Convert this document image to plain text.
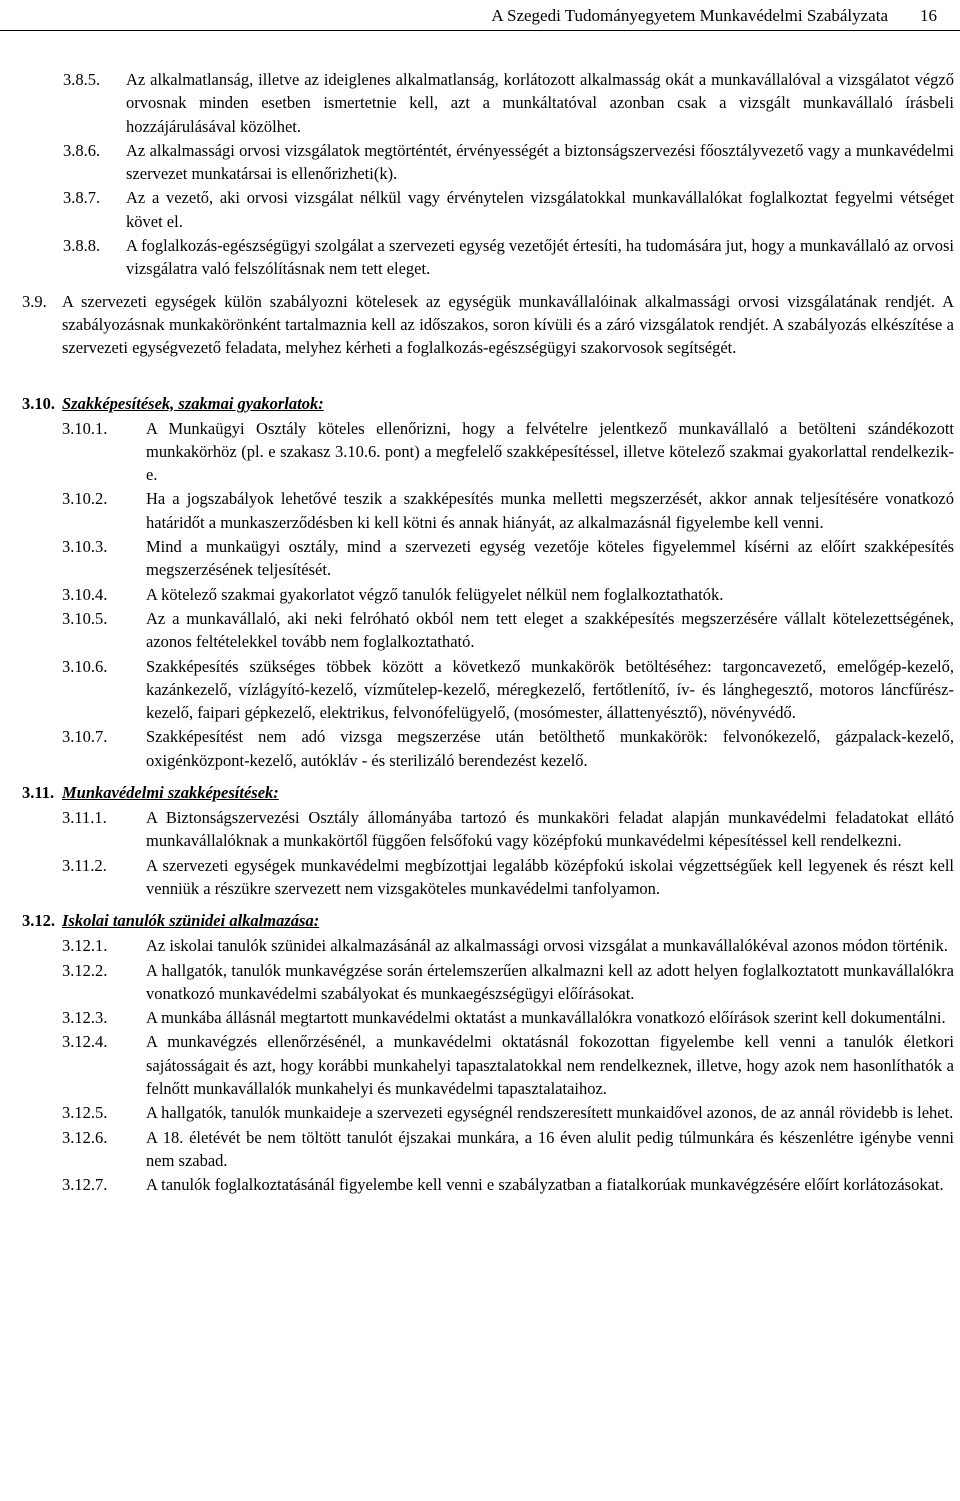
A Szegedi Tudományegyetem Munkavédelmi Szabályzata 16
3.8.5. Az alkalmatlanság, illetve az ideiglenes alkalmatlanság, korlátozott alkalmasság okát a munkavállalóval a vizsgálatot végző orvosnak minden esetben ismertetnie kell, azt a munkáltatóval azonban csak a vizsgált munkavállaló írásbeli hozzájárulásával közölhet.
3.8.6. Az alkalmassági orvosi vizsgálatok megtörténtét, érvényességét a biztonságszervezési főosztályvezető vagy a munkavédelmi szervezet munkatársai is ellenőrizheti(k).
3.8.7. Az a vezető, aki orvosi vizsgálat nélkül vagy érvénytelen vizsgálatokkal munkavállalókat foglalkoztat fegyelmi vétséget követ el.
3.8.8. A foglalkozás-egészségügyi szolgálat a szervezeti egység vezetőjét értesíti, ha tudomására jut, hogy a munkavállaló az orvosi vizsgálatra való felszólításnak nem tett eleget.
3.9. A szervezeti egységek külön szabályozni kötelesek az egységük munkavállalóinak alkalmassági orvosi vizsgálatának rendjét. A szabályozásnak munkakörönként tartalmaznia kell az időszakos, soron kívüli és a záró vizsgálatok rendjét. A szabályozás elkészítése a szervezeti egységvezető feladata, melyhez kérheti a foglalkozás-egészségügyi szakorvosok segítségét.
3.10. Szakképesítések, szakmai gyakorlatok:
3.10.1. A Munkaügyi Osztály köteles ellenőrizni, hogy a felvételre jelentkező munkavállaló a betölteni szándékozott munkakörhöz (pl. e szakasz 3.10.6. pont) a megfelelő szakképesítéssel, illetve kötelező szakmai gyakorlattal rendelkezik-e.
3.10.2. Ha a jogszabályok lehetővé teszik a szakképesítés munka melletti megszerzését, akkor annak teljesítésére vonatkozó határidőt a munkaszerződésben ki kell kötni és annak hiányát, az alkalmazásnál figyelembe kell venni.
3.10.3. Mind a munkaügyi osztály, mind a szervezeti egység vezetője köteles figyelemmel kísérni az előírt szakképesítés megszerzésének teljesítését.
3.10.4. A kötelező szakmai gyakorlatot végző tanulók felügyelet nélkül nem foglalkoztathatók.
3.10.5. Az a munkavállaló, aki neki felróható okból nem tett eleget a szakképesítés megszerzésére vállalt kötelezettségének, azonos feltételekkel tovább nem foglalkoztatható.
3.10.6. Szakképesítés szükséges többek között a következő munkakörök betöltéséhez: targoncavezető, emelőgép-kezelő, kazánkezelő, vízlágyító-kezelő, vízműtelep-kezelő, méregkezelő, fertőtlenítő, ív- és lánghegesztő, motoros láncfűrész-kezelő, faipari gépkezelő, elektrikus, felvonófelügyelő, (mosómester, állattenyésztő), növényvédő.
3.10.7. Szakképesítést nem adó vizsga megszerzése után betölthető munkakörök: felvonókezelő, gázpalack-kezelő, oxigénközpont-kezelő, autókláv - és sterilizáló berendezést kezelő.
3.11. Munkavédelmi szakképesítések:
3.11.1. A Biztonságszervezési Osztály állományába tartozó és munkaköri feladat alapján munkavédelmi feladatokat ellátó munkavállalóknak a munkakörtől függően felsőfokú vagy középfokú munkavédelmi képesítéssel kell rendelkezni.
3.11.2. A szervezeti egységek munkavédelmi megbízottjai legalább középfokú iskolai végzettségűek kell legyenek és részt kell venniük a részükre szervezett nem vizsgaköteles munkavédelmi tanfolyamon.
3.12. Iskolai tanulók szünidei alkalmazása:
3.12.1. Az iskolai tanulók szünidei alkalmazásánál az alkalmassági orvosi vizsgálat a munkavállalókéval azonos módon történik.
3.12.2. A hallgatók, tanulók munkavégzése során értelemszerűen alkalmazni kell az adott helyen foglalkoztatott munkavállalókra vonatkozó munkavédelmi szabályokat és munkaegészségügyi előírásokat.
3.12.3. A munkába állásnál megtartott munkavédelmi oktatást a munkavállalókra vonatkozó előírások szerint kell dokumentálni.
3.12.4. A munkavégzés ellenőrzésénél, a munkavédelmi oktatásnál fokozottan figyelembe kell venni a tanulók életkori sajátosságait és azt, hogy korábbi munkahelyi tapasztalatokkal nem rendelkeznek, illetve, hogy azok nem hasonlíthatók a felnőtt munkavállalók munkahelyi és munkavédelmi tapasztalataihoz.
3.12.5. A hallgatók, tanulók munkaideje a szervezeti egységnél rendszeresített munkaidővel azonos, de az annál rövidebb is lehet.
3.12.6. A 18. életévét be nem töltött tanulót éjszakai munkára, a 16 éven alulit pedig túlmunkára és készenlétre igénybe venni nem szabad.
3.12.7. A tanulók foglalkoztatásánál figyelembe kell venni e szabályzatban a fiatalkorúak munkavégzésére előírt korlátozásokat.
